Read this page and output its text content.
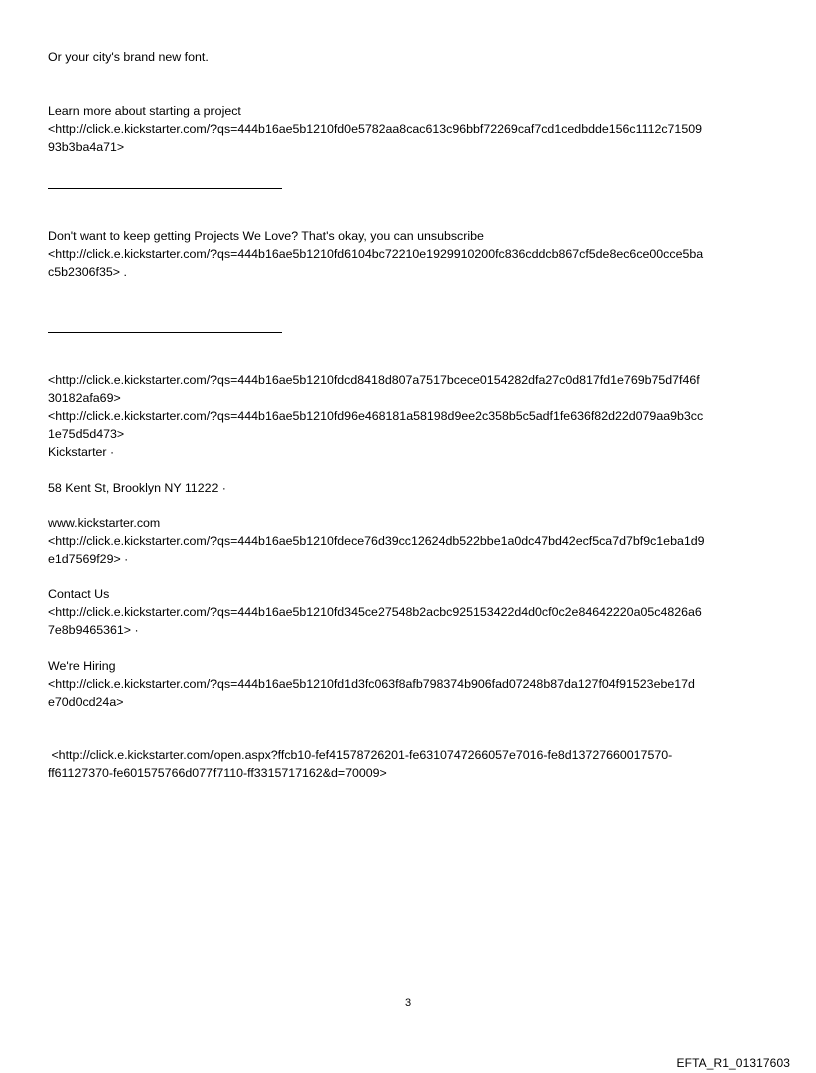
Or your city's brand new font.
Learn more about starting a project
<http://click.e.kickstarter.com/?qs=444b16ae5b1210fd0e5782aa8cac613c96bbf72269caf7cd1cedbdde156c1112c71509
93b3ba4a71>
Don't want to keep getting Projects We Love? That's okay, you can unsubscribe
<http://click.e.kickstarter.com/?qs=444b16ae5b1210fd6104bc72210e1929910200fc836cddcb867cf5de8ec6ce00cce5ba
c5b2306f35> .
<http://click.e.kickstarter.com/?qs=444b16ae5b1210fdcd8418d807a7517bcece0154282dfa27c0d817fd1e769b75d7f46f
30182afa69>
<http://click.e.kickstarter.com/?qs=444b16ae5b1210fd96e468181a58198d9ee2c358b5c5adf1fe636f82d22d079aa9b3cc
1e75d5d473>
Kickstarter ·
58 Kent St, Brooklyn NY 11222 ·
www.kickstarter.com
<http://click.e.kickstarter.com/?qs=444b16ae5b1210fdece76d39cc12624db522bbe1a0dc47bd42ecf5ca7d7bf9c1eba1d9
e1d7569f29> ·
Contact Us
<http://click.e.kickstarter.com/?qs=444b16ae5b1210fd345ce27548b2acbc925153422d4d0cf0c2e84642220a05c4826a6
7e8b9465361> ·
We're Hiring
<http://click.e.kickstarter.com/?qs=444b16ae5b1210fd1d3fc063f8afb798374b906fad07248b87da127f04f91523ebe17d
e70d0cd24a>
<http://click.e.kickstarter.com/open.aspx?ffcb10-fef41578726201-fe6310747266057e7016-fe8d13727660017570-
ff61127370-fe601575766d077f7110-ff3315717162&d=70009>
3
EFTA_R1_01317603
